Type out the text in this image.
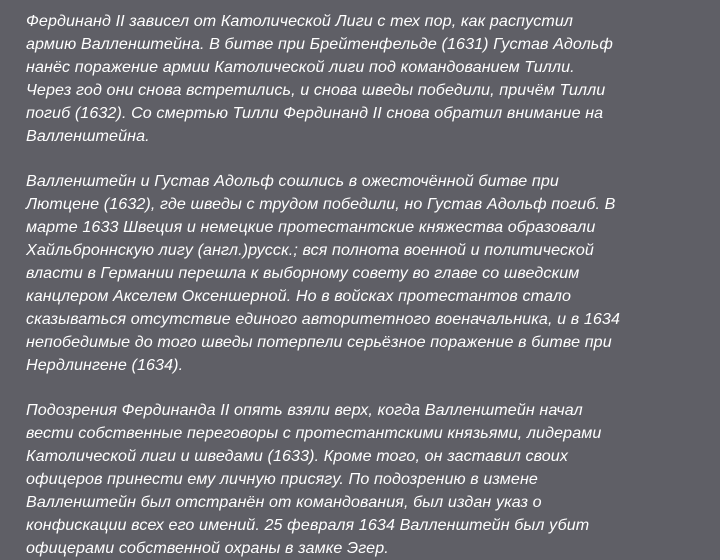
Фердинанд II зависел от Католической Лиги с тех пор, как распустил
армию Валленштейна. В битве при Брейтенфельде (1631) Густав Адольф
нанёс поражение армии Католической лиги под командованием Тилли.
Через год они снова встретились, и снова шведы победили, причём Тилли
погиб (1632). Со смертью Тилли Фердинанд II снова обратил внимание на
Валленштейна.

Валленштейн и Густав Адольф сошлись в ожесточённой битве при
Лютцене (1632), где шведы с трудом победили, но Густав Адольф погиб. В
марте 1633 Швеция и немецкие протестантские княжества образовали
Хайльброннскую лигу (англ.)русск.; вся полнота военной и политической
власти в Германии перешла к выборному совету во главе со шведским
канцлером Акселем Оксеншерной. Но в войсках протестантов стало
сказываться отсутствие единого авторитетного военачальника, и в 1634
непобедимые до того шведы потерпели серьёзное поражение в битве при
Нердлингене (1634).

Подозрения Фердинанда II опять взяли верх, когда Валленштейн начал
вести собственные переговоры с протестантскими князьями, лидерами
Католической лиги и шведами (1633). Кроме того, он заставил своих
офицеров принести ему личную присягу. По подозрению в измене
Валленштейн был отстранён от командования, был издан указ о
конфискации всех его имений. 25 февраля 1634 Валленштейн был убит
офицерами собственной охраны в замке Эгер.
